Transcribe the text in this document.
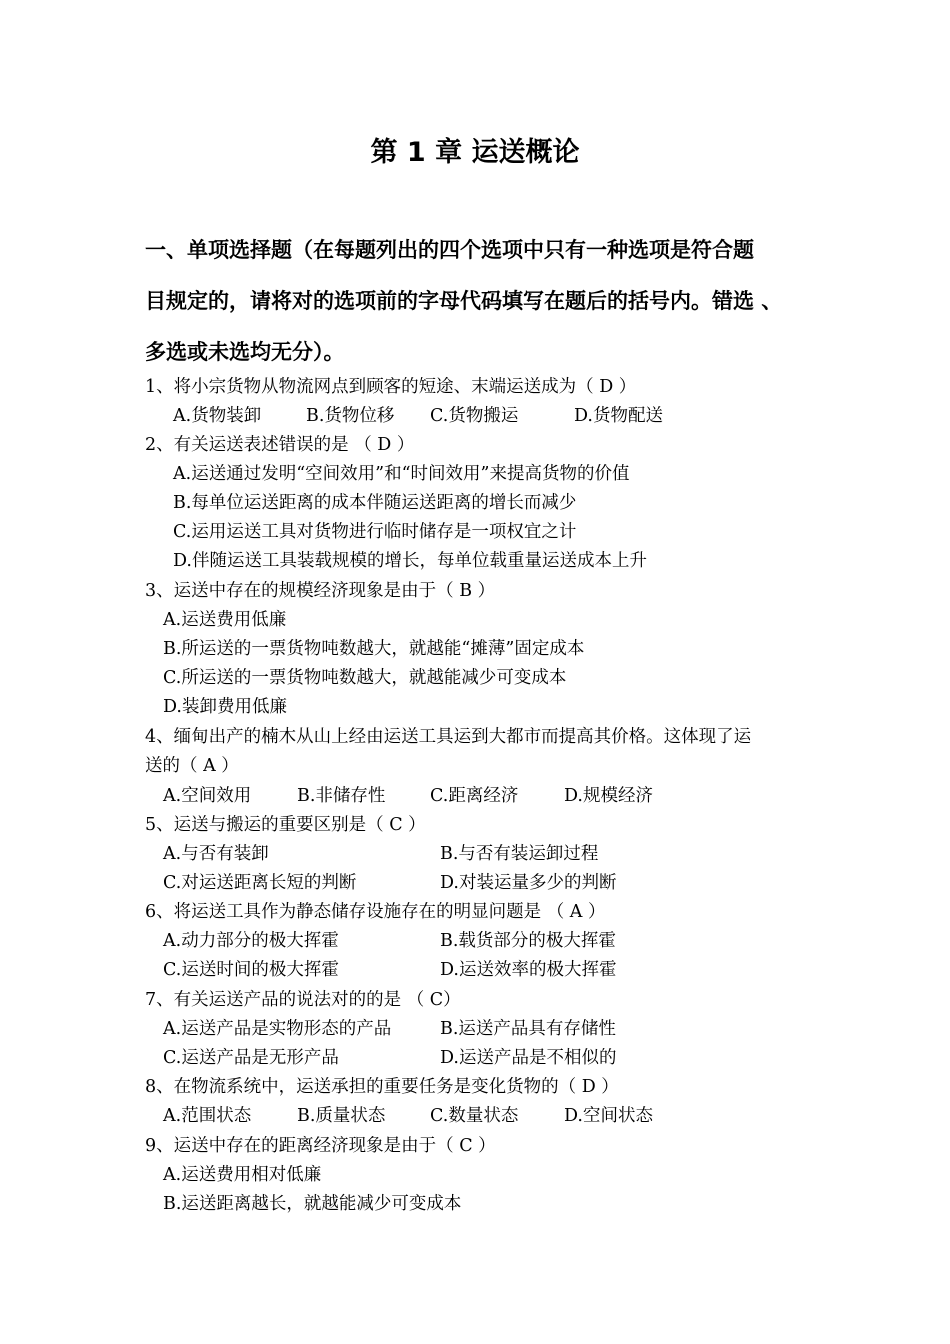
第 1 章 运送概论
一、单项选择题（在每题列出的四个选项中只有一种选项是符合题
目规定的，请将对的选项前的字母代码填写在题后的括号内。错选 、
多选或未选均无分）。
1、将小宗货物从物流网点到顾客的短途、末端运送成为（ D ）
A.货物装卸	B.货物位移 C.货物搬运	D.货物配送
2、有关运送表述错误的是 （ D ）
A.运送通过发明“空间效用”和“时间效用”来提高货物的价值
B.每单位运送距离的成本伴随运送距离的增长而减少
C.运用运送工具对货物进行临时储存是一项权宜之计
D.伴随运送工具装载规模的增长，每单位载重量运送成本上升
3、运送中存在的规模经济现象是由于（ B ）
A.运送费用低廉
B.所运送的一票货物吨数越大，就越能“摊薄”固定成本
C.所运送的一票货物吨数越大，就越能减少可变成本
D.装卸费用低廉
4、缅甸出产的楠木从山上经由运送工具运到大都市而提高其价格。这体现了运
送的（ A ）
A.空间效用	B.非储存性	C.距离经济	D.规模经济
5、运送与搬运的重要区别是（ C ）
A.与否有装卸	B.与否有装运卸过程
C.对运送距离长短的判断	D.对装运量多少的判断
6、将运送工具作为静态储存设施存在的明显问题是 （ A ）
A.动力部分的极大挥霍	B.载货部分的极大挥霍
C.运送时间的极大挥霍	D.运送效率的极大挥霍
7、有关运送产品的说法对的的是 （ C）
A.运送产品是实物形态的产品	B.运送产品具有存储性
C.运送产品是无形产品	D.运送产品是不相似的
8、在物流系统中，运送承担的重要任务是变化货物的（ D ）
A.范围状态	B.质量状态	C.数量状态	D.空间状态
9、运送中存在的距离经济现象是由于（ C ）
A.运送费用相对低廉
B.运送距离越长，就越能减少可变成本
